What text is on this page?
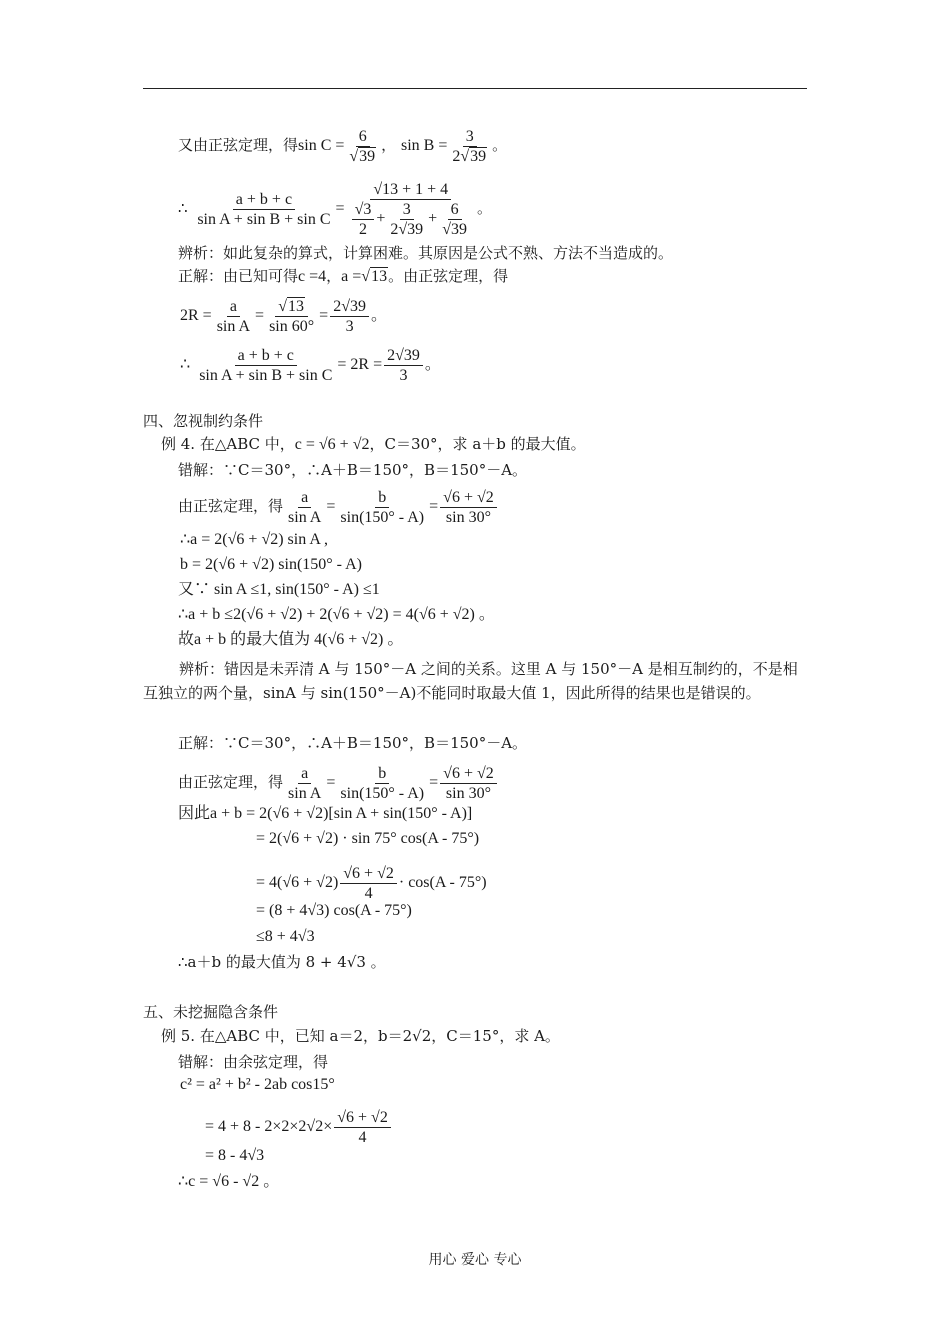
又由正弦定理，得$\sin C = \frac{6}{√39}$ ， $\sin B = \frac{3}{2√39}$ 。
∴ $\frac{a + b + c}{\text{sin A + sin B + sin C}} = \frac{√13 + 1 + 4}{\frac{√3}{2} + \frac{3}{2√39} + \frac{6}{√39}}$ 。
辨析：如此复杂的算式，计算困难。其原因是公式不熟、方法不当造成的。
正解：由已知可得c =4，a =√13。由正弦定理，得
$2R = \frac{a}{\text{sin A}} = \frac{√13}{\sin 60^\circ} = \frac{2√39}{3}$ 。
∴ $\frac{a + b + c}{\text{sin A + sin B + sin C}} = 2R = \frac{2√39}{3}$ 。
四、忽视制约条件
例 4. 在△ABC 中，c = √6 + √2，C＝30°，求 a＋b 的最大值。
错解：∵C＝30°，∴A＋B＝150°，B＝150°－A。
由正弦定理，得 $\frac{a}{\text{sin A}} = \frac{b}{\sin(150^\circ - A)} = \frac{√6 + √2}{\sin 30^\circ}$
∴a = 2(√6 + √2) sin A ,
b = 2(√6 + √2) sin(150° - A)
又∵ sin A ≤1, sin(150° - A) ≤1
∴a + b ≤2(√6 + √2) + 2(√6 + √2) = 4(√6 + √2) 。
故a + b 的最大值为 4(√6 + √2) 。
辨析：错因是未弄清 A 与 150°－A 之间的关系。这里 A 与 150°－A 是相互制约的，不是相互独立的两个量，sinA 与 sin(150°－A)不能同时取最大值 1，因此所得的结果也是错误的。
正解：∵C＝30°，∴A＋B＝150°，B＝150°－A。
由正弦定理，得 $\frac{a}{\text{sin A}} = \frac{b}{\sin(150^\circ - A)} = \frac{√6 + √2}{\sin 30^\circ}$
因此a + b = 2(√6 + √2)[sin A + sin(150° - A)]
= 2(√6 + √2) · sin 75° cos(A - 75°)
= $4(√6 + √2) \frac{√6 + √2}{4} \cdot \cos(A - 75^\circ)$
= (8 + 4√3) cos(A - 75°)
≤8 + 4√3
∴a＋b 的最大值为 8 + 4√3 。
五、未挖掘隐含条件
例 5. 在△ABC 中，已知 a＝2，b＝2√2，C＝15°，求 A。
错解：由余弦定理，得
c² = a² + b² - 2ab cos15°
= $4 + 8 - 2\times 2\times 2√2\times \frac{√6 + √2}{4}$
= 8 - 4√3
∴c = √6 - √2 。
用心 爱心 专心
